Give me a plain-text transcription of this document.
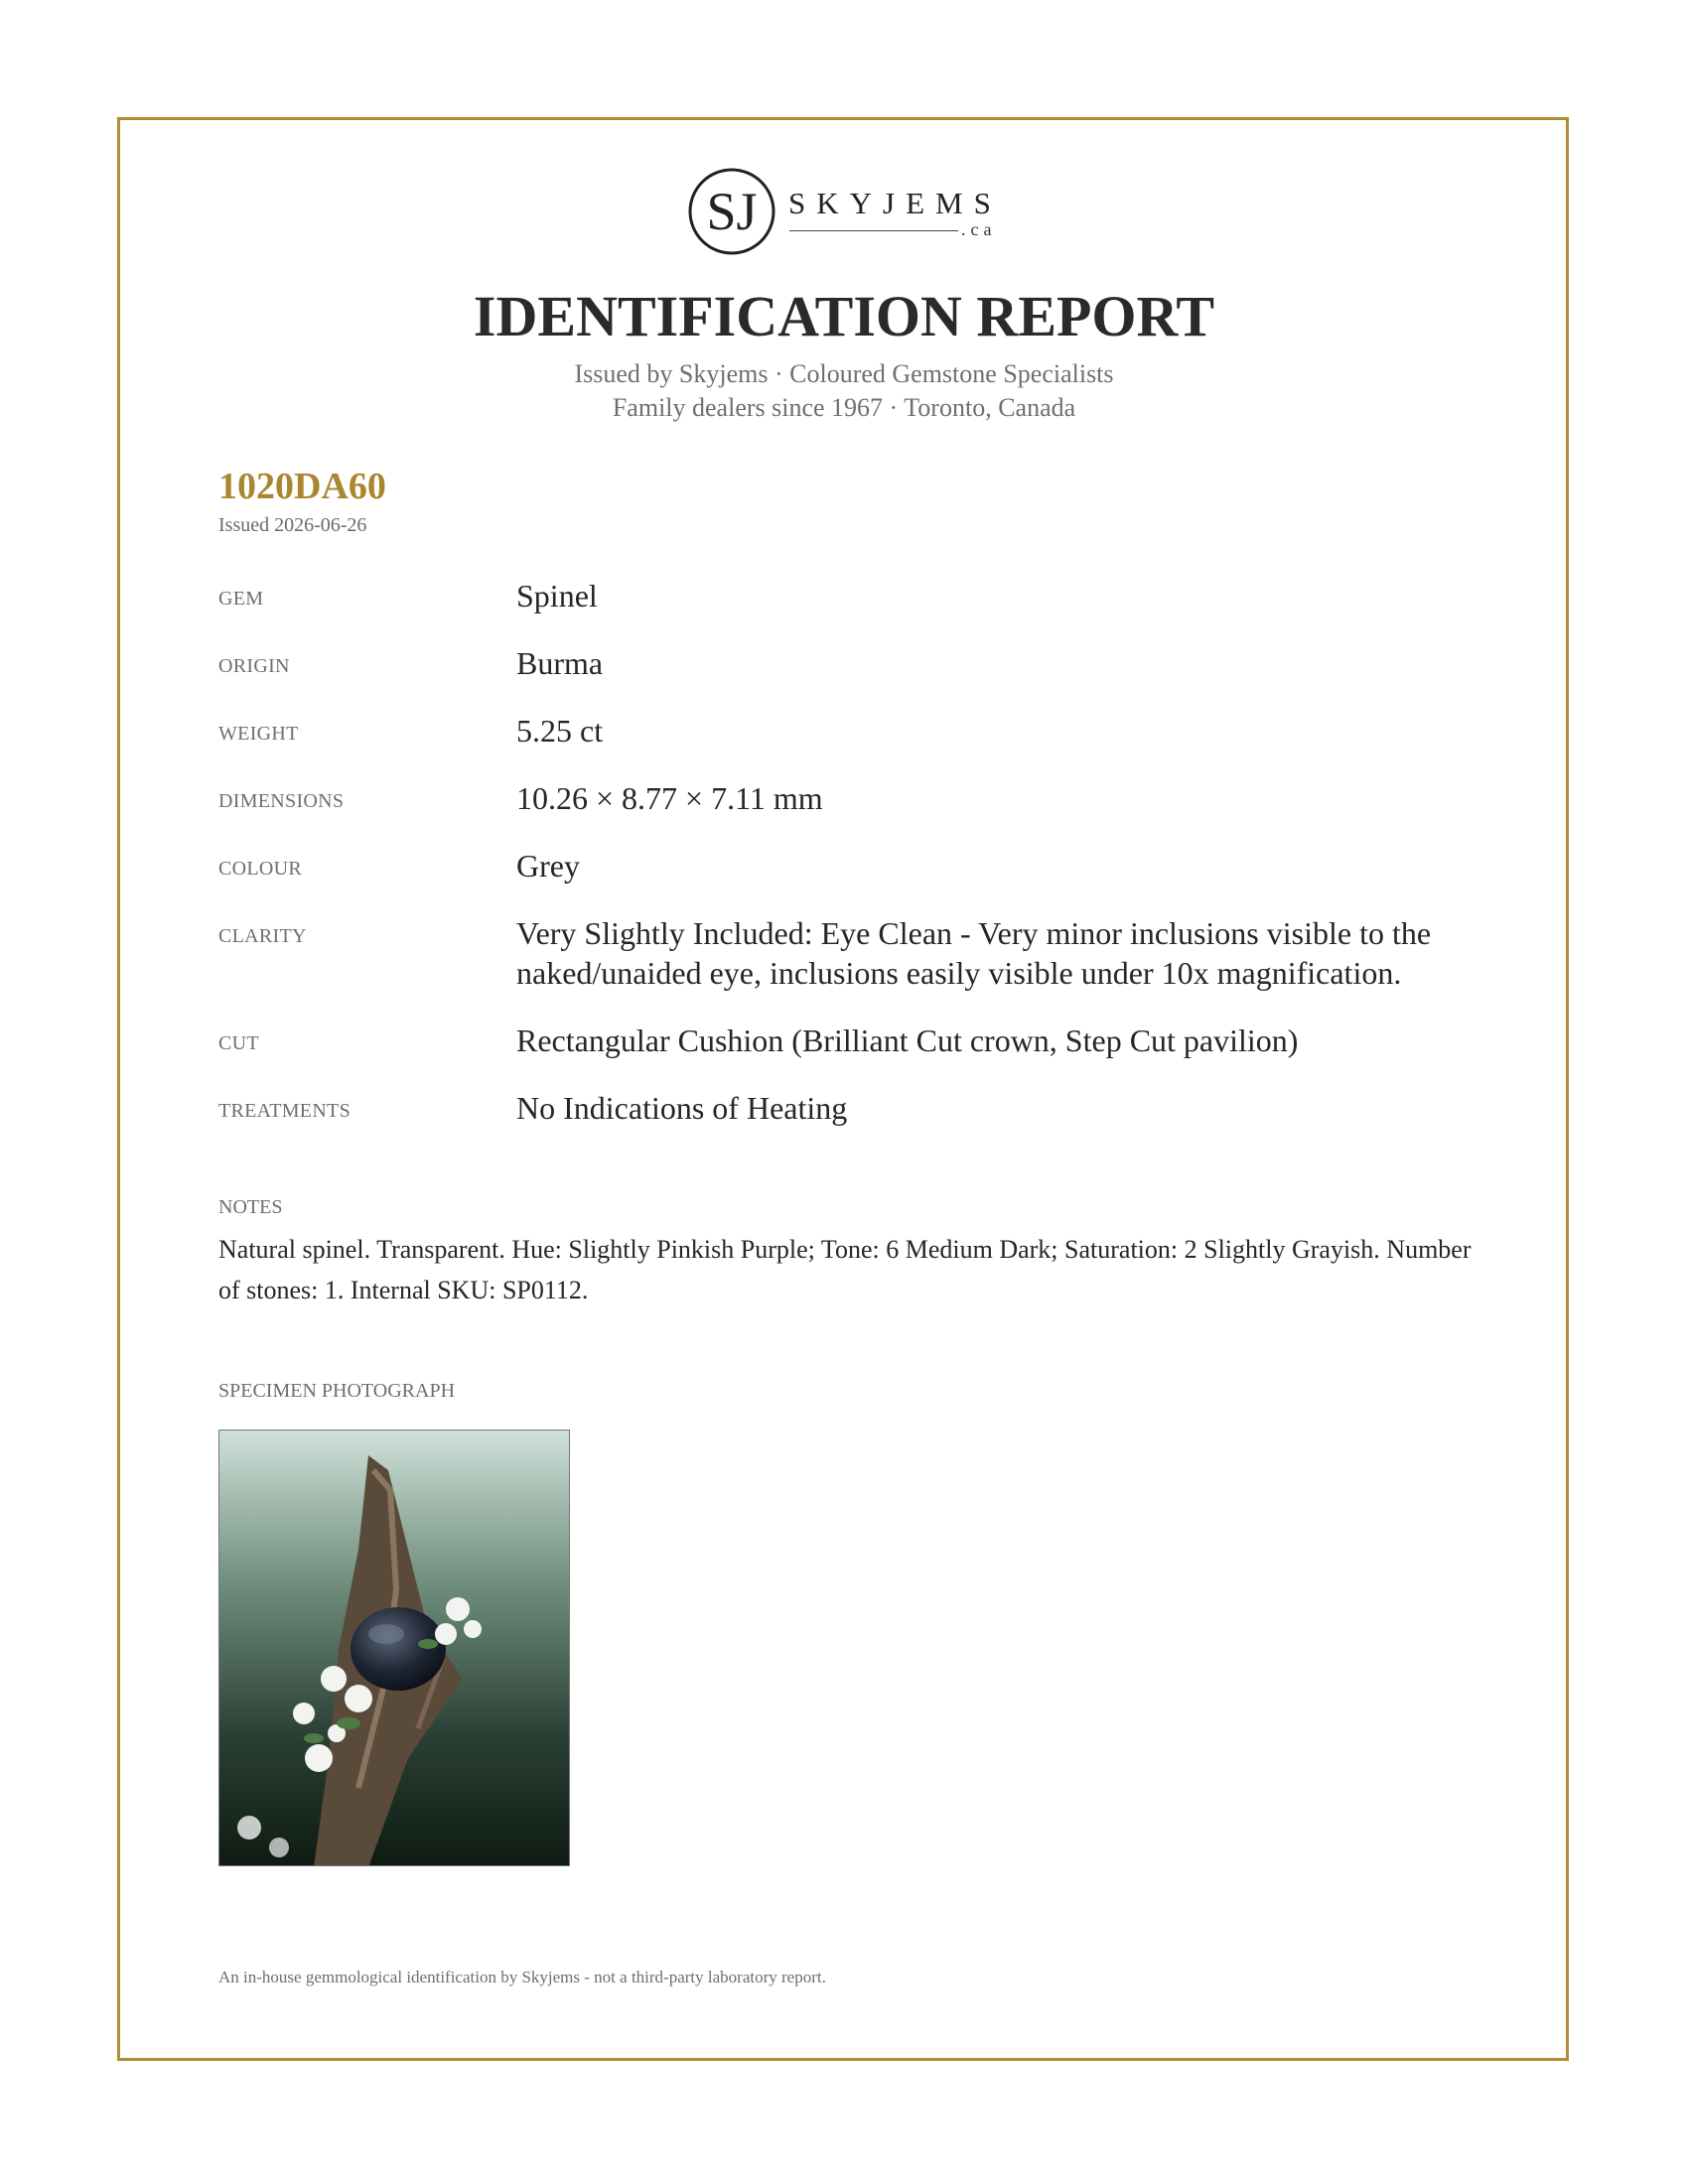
SJ SKYJEMS
.ca
IDENTIFICATION REPORT
Issued by Skyjems · Coloured Gemstone Specialists
Family dealers since 1967 · Toronto, Canada
1020DA60
Issued 2026-06-26
GEM	Spinel
ORIGIN	Burma
WEIGHT	5.25 ct
DIMENSIONS	10.26 × 8.77 × 7.11 mm
COLOUR	Grey
CLARITY	Very Slightly Included: Eye Clean - Very minor inclusions visible to the naked/unaided eye, inclusions easily visible under 10x magnification.
CUT	Rectangular Cushion (Brilliant Cut crown, Step Cut pavilion)
TREATMENTS	No Indications of Heating
NOTES
Natural spinel. Transparent. Hue: Slightly Pinkish Purple; Tone: 6 Medium Dark; Saturation: 2 Slightly Grayish. Number of stones: 1. Internal SKU: SP0112.
SPECIMEN PHOTOGRAPH
An in-house gemmological identification by Skyjems - not a third-party laboratory report.
